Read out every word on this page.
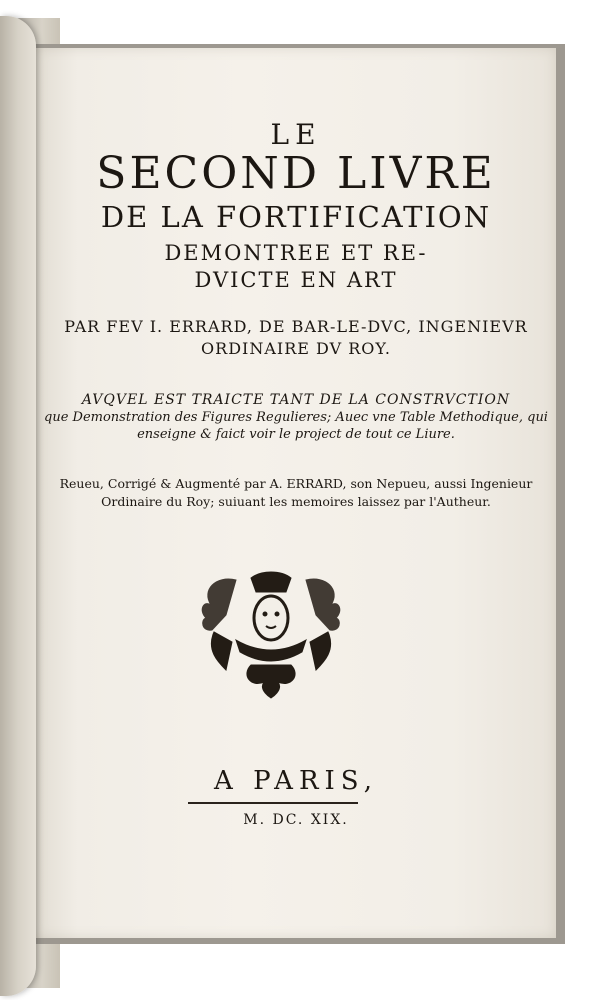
LE
SECOND LIVRE
DE LA FORTIFICATION
DEMONTREE ET RE-
DVICTE EN ART
PAR FEV I. ERRARD, DE BAR-LE-DVC, INGENIEVR
ORDINAIRE DV ROY.
AVQVEL EST TRAICTE TANT DE LA CONSTRVCTION
que Demonstration des Figures Regulieres; Auec vne Table Methodique, qui
enseigne & faict voir le project de tout ce Liure.
Reueu, Corrigé & Augmenté par A. ERRARD, son Nepueu, aussi Ingenieur
Ordinaire du Roy; suiuant les memoires laissez par l'Autheur.
A PARIS,
M. DC. XIX.
